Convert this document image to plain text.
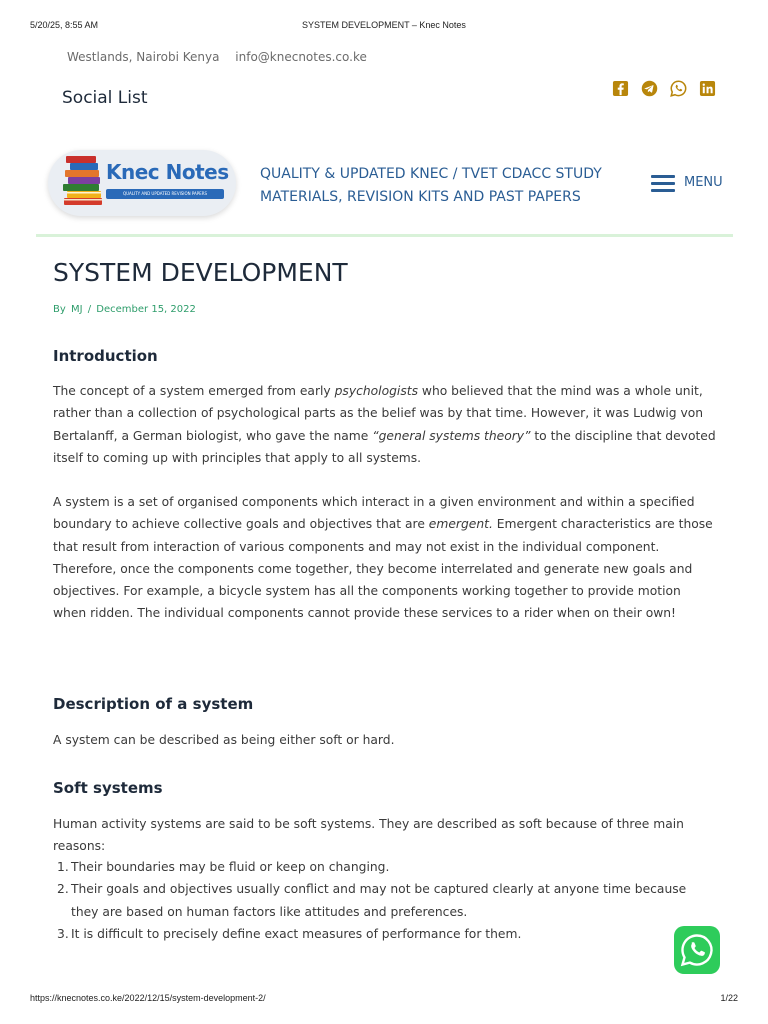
5/20/25, 8:55 AM	SYSTEM DEVELOPMENT – Knec Notes
Westlands, Nairobi Kenya info@knecnotes.co.ke
Social List
Knec Notes
QUALITY AND UPDATED REVISION PAPERS
QUALITY & UPDATED KNEC / TVET CDACC STUDY
MATERIALS, REVISION KITS AND PAST PAPERS
MENU
SYSTEM DEVELOPMENT
By MJ / December 15, 2022
Introduction

The concept of a system emerged from early psychologists who believed that the mind was a whole unit, rather than a collection of psychological parts as the belief was by that time. However, it was Ludwig von Bertalanff, a German biologist, who gave the name “general systems theory” to the discipline that devoted itself to coming up with principles that apply to all systems.

A system is a set of organised components which interact in a given environment and within a specified boundary to achieve collective goals and objectives that are emergent. Emergent characteristics are those that result from interaction of various components and may not exist in the individual component. Therefore, once the components come together, they become interrelated and generate new goals and objectives. For example, a bicycle system has all the components working together to provide motion when ridden. The individual components cannot provide these services to a rider when on their own!

Description of a system

A system can be described as being either soft or hard.

Soft systems

Human activity systems are said to be soft systems. They are described as soft because of three main reasons:

1. Their boundaries may be fluid or keep on changing.
2. Their goals and objectives usually conflict and may not be captured clearly at anyone time because they are based on human factors like attitudes and preferences.
3. It is difficult to precisely define exact measures of performance for them.
https://knecnotes.co.ke/2022/12/15/system-development-2/	1/22
